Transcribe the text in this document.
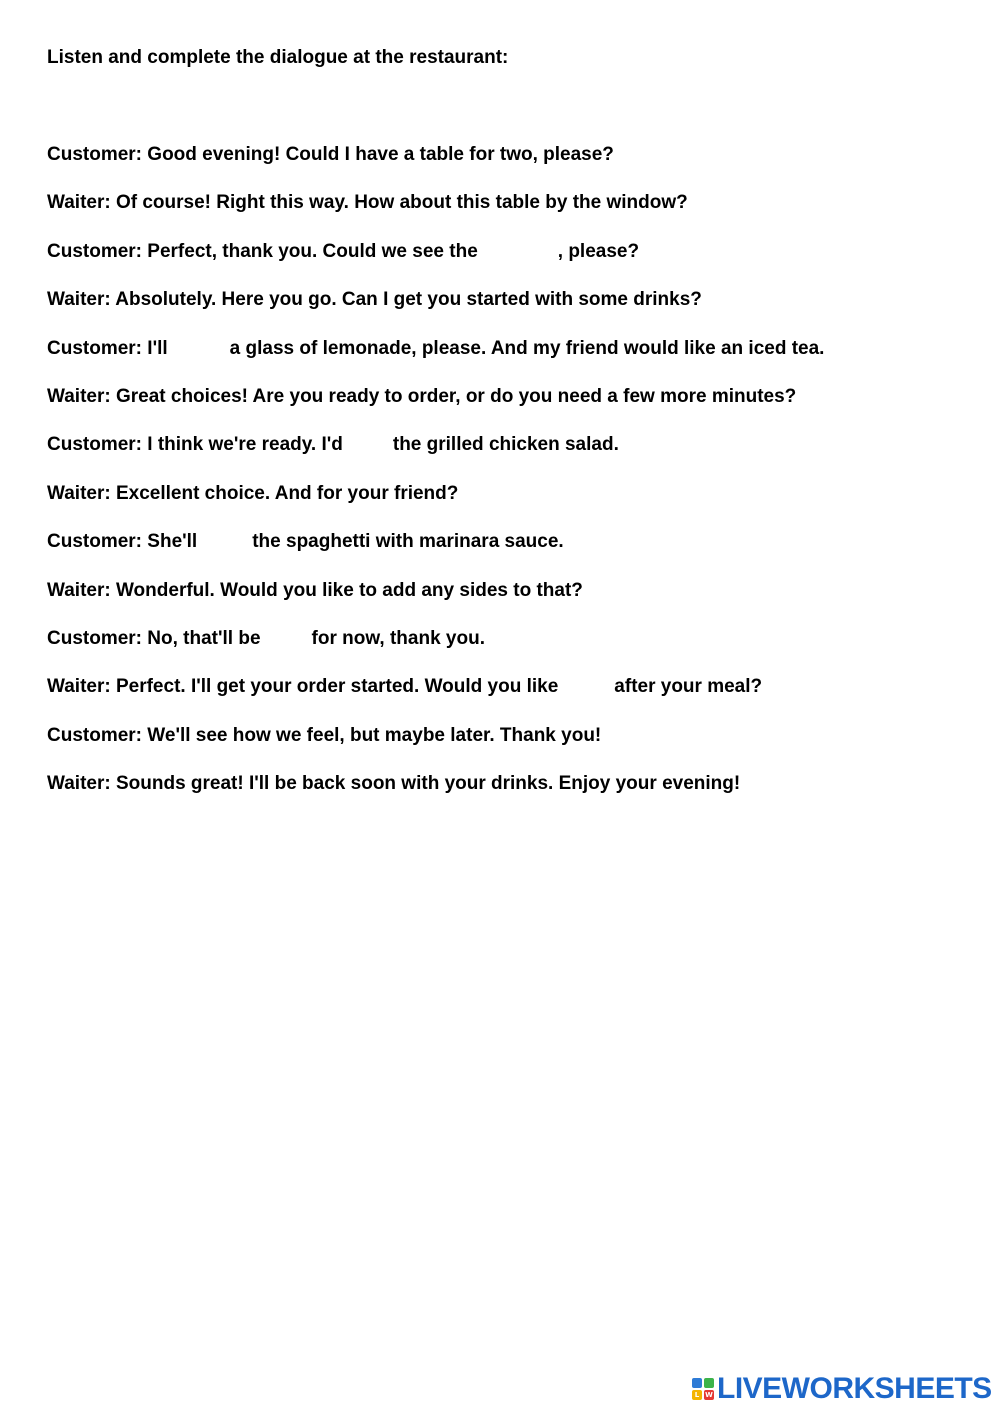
Listen and complete the dialogue at the restaurant:
Customer: Good evening! Could I have a table for two, please?
Waiter: Of course! Right this way. How about this table by the window?
Customer: Perfect, thank you. Could we see the	, please?
Waiter: Absolutely. Here you go. Can I get you started with some drinks?
Customer: I'll	a glass of lemonade, please. And my friend would like an iced tea.
Waiter: Great choices! Are you ready to order, or do you need a few more minutes?
Customer: I think we're ready. I'd	the grilled chicken salad.
Waiter: Excellent choice. And for your friend?
Customer: She'll	the spaghetti with marinara sauce.
Waiter: Wonderful. Would you like to add any sides to that?
Customer: No, that'll be	for now, thank you.
Waiter: Perfect. I'll get your order started. Would you like	after your meal?
Customer: We'll see how we feel, but maybe later. Thank you!
Waiter: Sounds great! I'll be back soon with your drinks. Enjoy your evening!
L W LIVEWORKSHEETS
